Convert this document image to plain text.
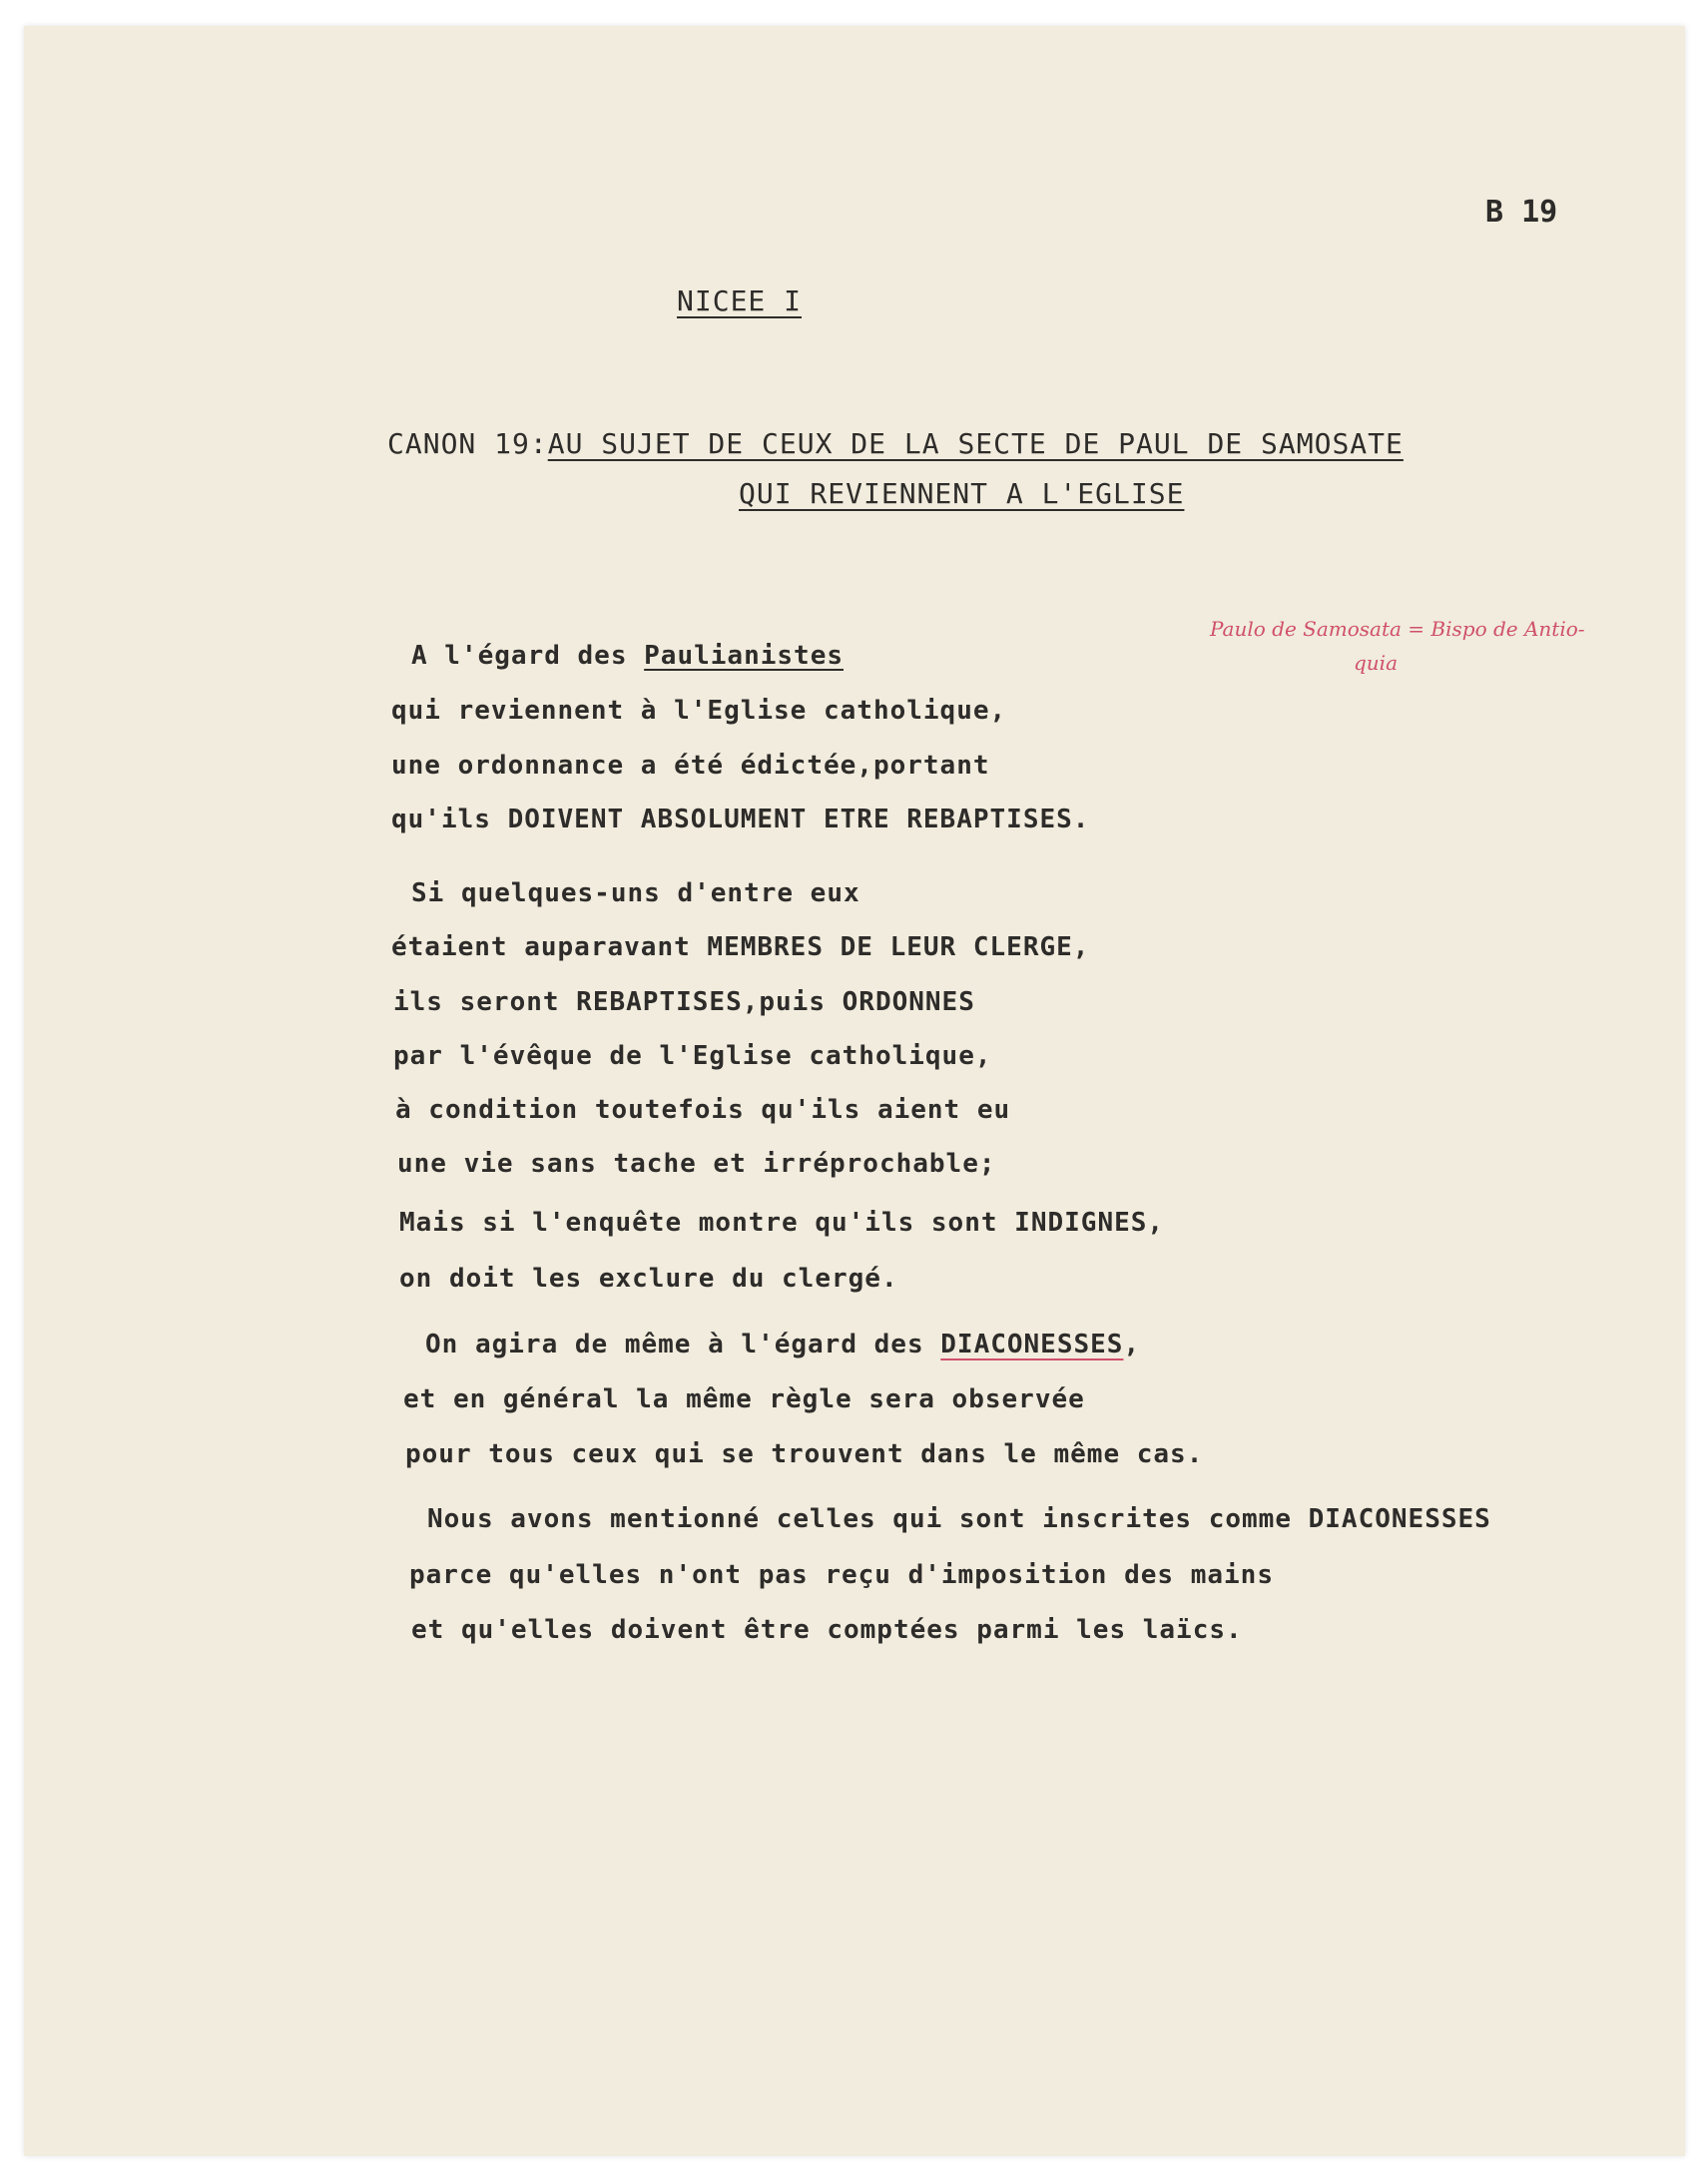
B 19
NICEE I
CANON 19:AU SUJET DE CEUX DE LA SECTE DE PAUL DE SAMOSATE
QUI REVIENNENT A L'EGLISE
Paulo de Samosata = Bispo de Antio-
quia
A l'égard des Paulianistes
qui reviennent à l'Eglise catholique,
une ordonnance a été édictée,portant
qu'ils DOIVENT ABSOLUMENT ETRE REBAPTISES.
Si quelques-uns d'entre eux
étaient auparavant MEMBRES DE LEUR CLERGE,
ils seront REBAPTISES,puis ORDONNES
par l'évêque de l'Eglise catholique,
à condition toutefois qu'ils aient eu
une vie sans tache et irréprochable;
Mais si l'enquête montre qu'ils sont INDIGNES,
on doit les exclure du clergé.
On agira de même à l'égard des DIACONESSES,
et en général la même règle sera observée
pour tous ceux qui se trouvent dans le même cas.
Nous avons mentionné celles qui sont inscrites comme DIACONESSES
parce qu'elles n'ont pas reçu d'imposition des mains
et qu'elles doivent être comptées parmi les laïcs.
